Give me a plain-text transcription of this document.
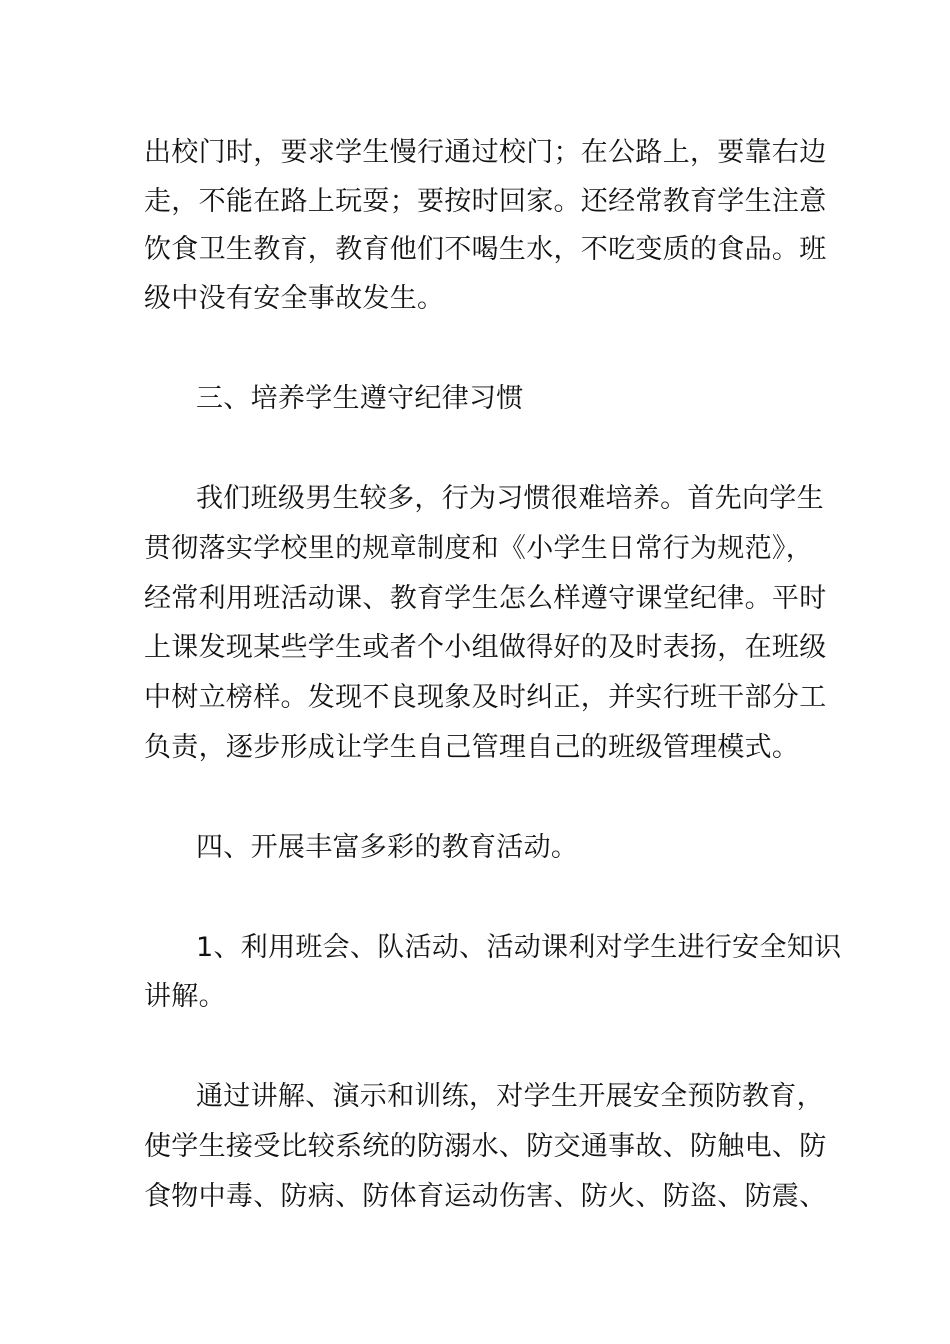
出校门时，要求学生慢行通过校门；在公路上，要靠右边
走，不能在路上玩耍；要按时回家。还经常教育学生注意
饮食卫生教育，教育他们不喝生水，不吃变质的食品。班
级中没有安全事故发生。
三、培养学生遵守纪律习惯
我们班级男生较多，行为习惯很难培养。首先向学生
贯彻落实学校里的规章制度和《小学生日常行为规范》，
经常利用班活动课、教育学生怎么样遵守课堂纪律。平时
上课发现某些学生或者个小组做得好的及时表扬，在班级
中树立榜样。发现不良现象及时纠正，并实行班干部分工
负责，逐步形成让学生自己管理自己的班级管理模式。
四、开展丰富多彩的教育活动。
1、利用班会、队活动、活动课利对学生进行安全知识
讲解。
通过讲解、演示和训练，对学生开展安全预防教育，
使学生接受比较系统的防溺水、防交通事故、防触电、防
食物中毒、防病、防体育运动伤害、防火、防盗、防震、
